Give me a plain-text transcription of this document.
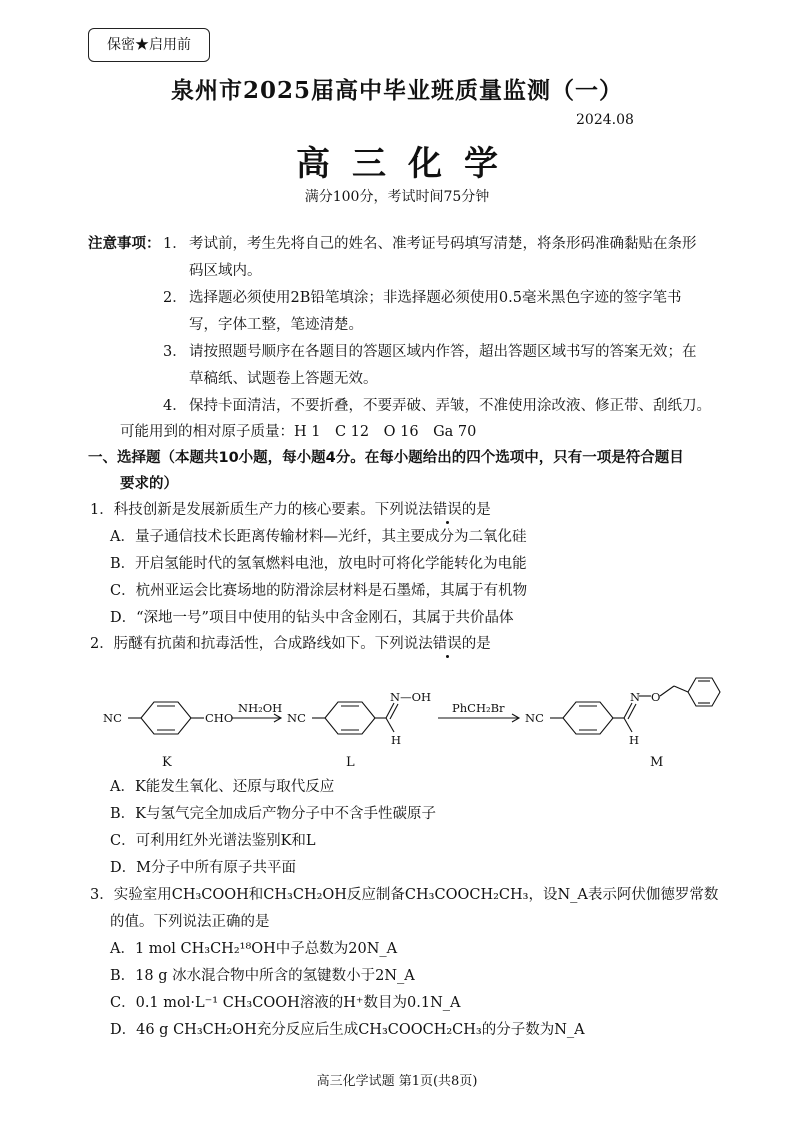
保密★启用前
泉州市2025届高中毕业班质量监测（一）
2024.08
高三化学
满分100分，考试时间75分钟
注意事项： 1． 考试前，考生先将自己的姓名、准考证号码填写清楚，将条形码准确黏贴在条形
码区域内。
2． 选择题必须使用2B铅笔填涂；非选择题必须使用0.5毫米黑色字迹的签字笔书
写，字体工整，笔迹清楚。
3． 请按照题号顺序在各题目的答题区域内作答，超出答题区域书写的答案无效；在
草稿纸、试题卷上答题无效。
4． 保持卡面清洁，不要折叠，不要弄破、弄皱，不准使用涂改液、修正带、刮纸刀。
可能用到的相对原子质量：H 1　C 12　O 16　Ga 70
一、选择题（本题共10小题，每小题4分。在每小题给出的四个选项中，只有一项是符合题目
要求的）
1．科技创新是发展新质生产力的核心要素。下列说法错误的是
A．量子通信技术长距离传输材料—光纤，其主要成分为二氧化硅
B．开启氢能时代的氢氧燃料电池，放电时可将化学能转化为电能
C．杭州亚运会比赛场地的防滑涂层材料是石墨烯，其属于有机物
D．“深地一号”项目中使用的钻头中含金刚石，其属于共价晶体
2．肟醚有抗菌和抗毒活性，合成路线如下。下列说法错误的是
NC	CHO
NH₂OH
NC
N—OH
H
PhCH₂Br
NC
N O
H
K	L	M
A．K能发生氧化、还原与取代反应
B．K与氢气完全加成后产物分子中不含手性碳原子
C．可利用红外光谱法鉴别K和L
D．M分子中所有原子共平面
3．实验室用CH₃COOH和CH₃CH₂OH反应制备CH₃COOCH₂CH₃，设N_A表示阿伏伽德罗常数
的值。下列说法正确的是
A．1 mol CH₃CH₂¹⁸OH中子总数为20N_A
B．18 g 冰水混合物中所含的氢键数小于2N_A
C．0.1 mol·L⁻¹ CH₃COOH溶液的H⁺数目为0.1N_A
D．46 g CH₃CH₂OH充分反应后生成CH₃COOCH₂CH₃的分子数为N_A
高三化学试题 第1页(共8页)
